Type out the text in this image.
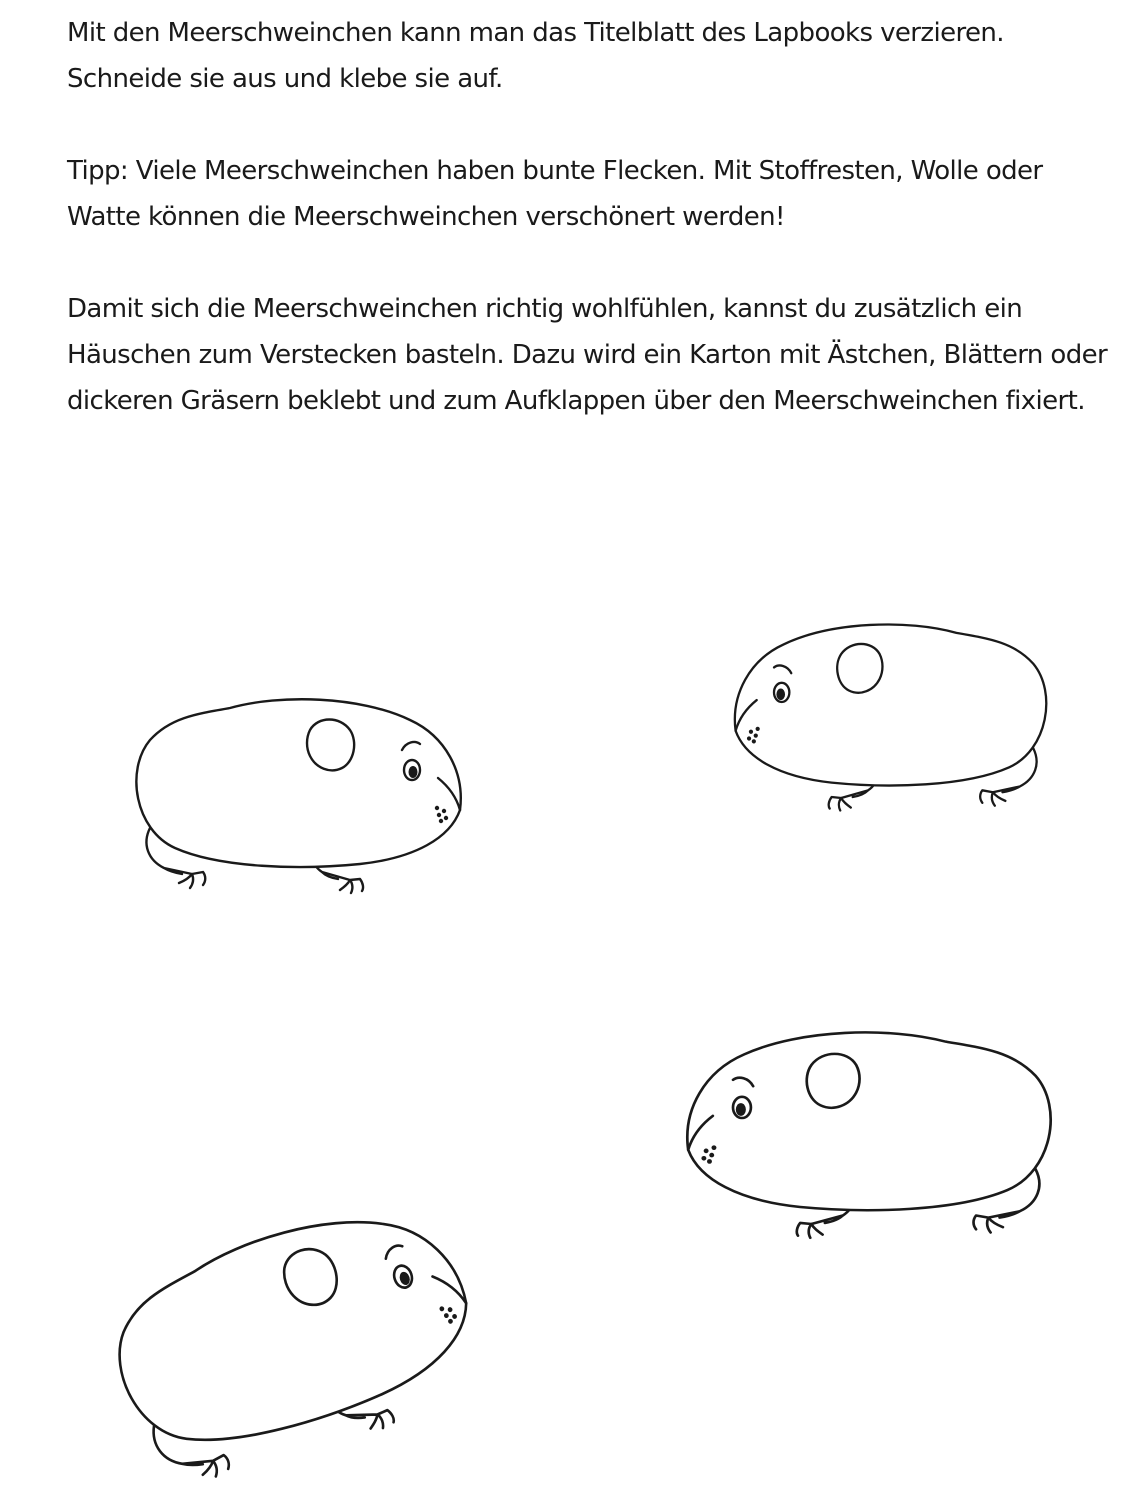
Mit den Meerschweinchen kann man das Titelblatt des Lapbooks verzieren.
Schneide sie aus und klebe sie auf.

Tipp: Viele Meerschweinchen haben bunte Flecken. Mit Stoffresten, Wolle oder
Watte können die Meerschweinchen verschönert werden!

Damit sich die Meerschweinchen richtig wohlfühlen, kannst du zusätzlich ein
Häuschen zum Verstecken basteln. Dazu wird ein Karton mit Ästchen, Blättern oder
dickeren Gräsern beklebt und zum Aufklappen über den Meerschweinchen fixiert.
